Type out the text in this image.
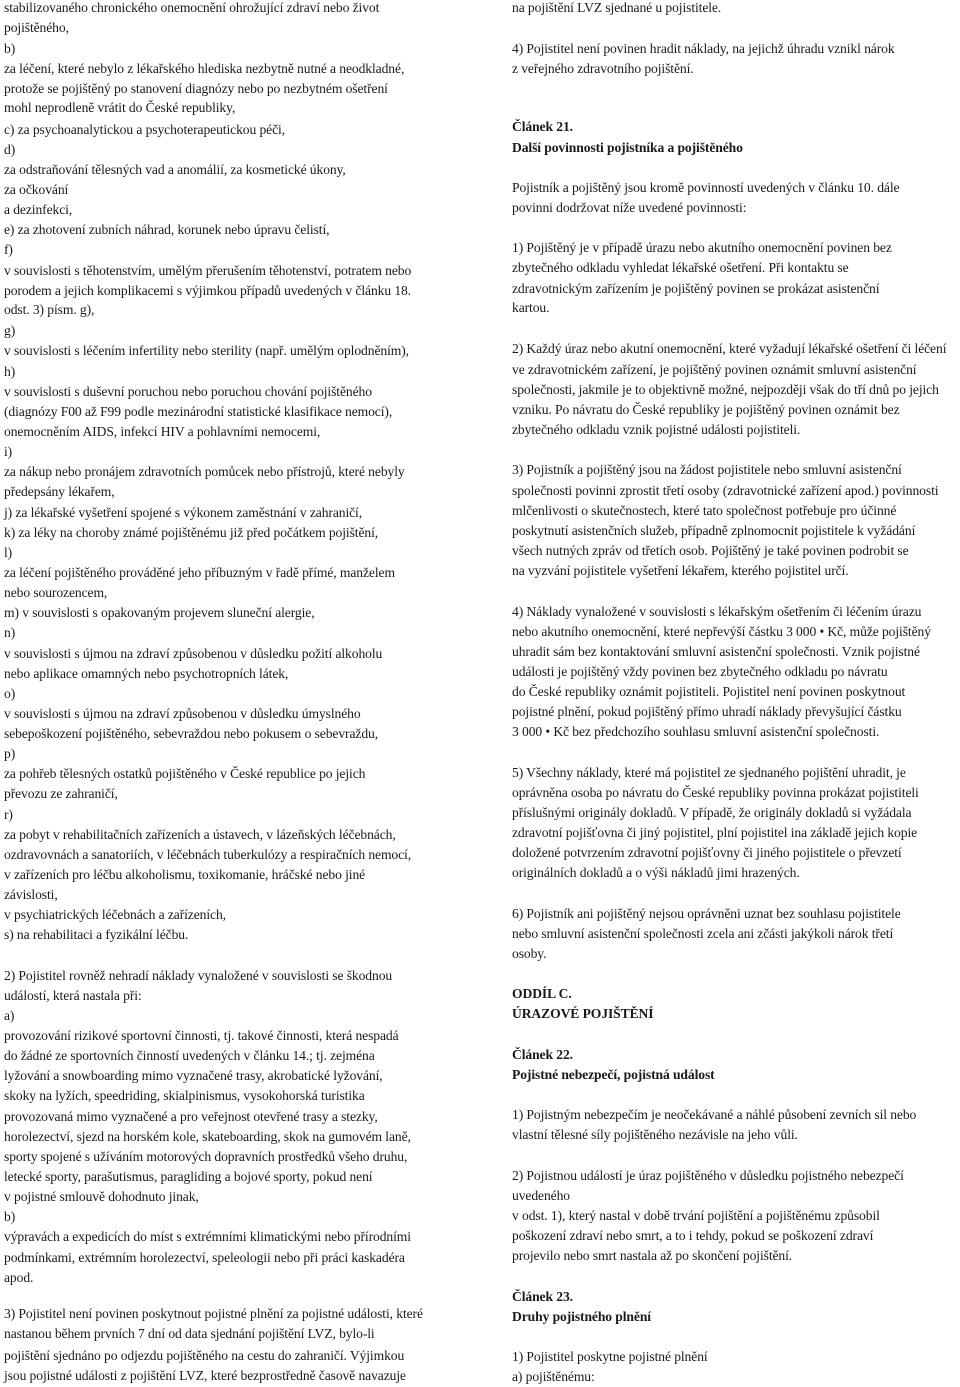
stabilizovaného chronického onemocnění ohrožující zdraví nebo život
pojištěného,
b)
za léčení, které nebylo z lékařského hlediska nezbytně nutné a neodkladné,
protože se pojištěný po stanovení diagnózy nebo po nezbytném ošetření
mohl neprodleně vrátit do České republiky,
c) za psychoanalytickou a psychoterapeutickou péči,
d)
za odstraňování tělesných vad a anomálií, za kosmetické úkony,
za očkování
a dezinfekci,
e) za zhotovení zubních náhrad, korunek nebo úpravu čelistí,
f)
v souvislosti s těhotenstvím, umělým přerušením těhotenství, potratem nebo
porodem a jejich komplikacemi s výjimkou případů uvedených v článku 18.
odst. 3) písm. g),
g)
v souvislosti s léčením infertility nebo sterility (např. umělým oplodněním),
h)
v souvislosti s duševní poruchou nebo poruchou chování pojištěného
(diagnózy F00 až F99 podle mezinárodní statistické klasifikace nemocí),
onemocněním AIDS, infekcí HIV a pohlavními nemocemi,
i)
za nákup nebo pronájem zdravotních pomůcek nebo přístrojů, které nebyly
předepsány lékařem,
j) za lékařské vyšetření spojené s výkonem zaměstnání v zahraničí,
k) za léky na choroby známé pojištěnému již před počátkem pojištění,
l)
za léčení pojištěného prováděné jeho příbuzným v řadě přímé, manželem
nebo sourozencem,
m) v souvislosti s opakovaným projevem sluneční alergie,
n)
v souvislosti s újmou na zdraví způsobenou v důsledku požití alkoholu
nebo aplikace omamných nebo psychotropních látek,
o)
v souvislosti s újmou na zdraví způsobenou v důsledku úmyslného
sebepoškození pojištěného, sebevraždou nebo pokusem o sebevraždu,
p)
za pohřeb tělesných ostatků pojištěného v České republice po jejich
převozu ze zahraničí,
r)
za pobyt v rehabilitačních zařízeních a ústavech, v lázeňských léčebnách,
ozdravovnách a sanatoriích, v léčebnách tuberkulózy a respiračních nemocí,
v zařízeních pro léčbu alkoholismu, toxikomanie, hráčské nebo jiné
závislosti,
v psychiatrických léčebnách a zařízeních,
s) na rehabilitaci a fyzikální léčbu.
2) Pojistitel rovněž nehradí náklady vynaložené v souvislosti se škodnou
událostí, která nastala při:
a)
provozování rizikové sportovní činnosti, tj. takové činnosti, která nespadá
do žádné ze sportovních činností uvedených v článku 14.; tj. zejména
lyžování a snowboarding mimo vyznačené trasy, akrobatické lyžování,
skoky na lyžích, speedriding, skialpinismus, vysokohorská turistika
provozovaná mimo vyznačené a pro veřejnost otevřené trasy a stezky,
horolezectví, sjezd na horském kole, skateboarding, skok na gumovém laně,
sporty spojené s užíváním motorových dopravních prostředků všeho druhu,
letecké sporty, parašutismus, paragliding a bojové sporty, pokud není
v pojistné smlouvě dohodnuto jinak,
b)
výpravách a expedicích do míst s extrémními klimatickými nebo přírodními
podmínkami, extrémním horolezectví, speleologii nebo při práci kaskadéra
apod.
3) Pojistitel není povinen poskytnout pojistné plnění za pojistné události, které
nastanou během prvních 7 dní od data sjednání pojištění LVZ, bylo-li
pojištění sjednáno po odjezdu pojištěného na cestu do zahraničí. Výjimkou
jsou pojistné události z pojištění LVZ, které bezprostředně časově navazuje
na pojištění LVZ sjednané u pojistitele.
4) Pojistitel není povinen hradit náklady, na jejichž úhradu vznikl nárok
z veřejného zdravotního pojištění.
Článek 21.
Další povinnosti pojistníka a pojištěného
Pojistník a pojištěný jsou kromě povinností uvedených v článku 10. dále
povinni dodržovat níže uvedené povinnosti:
1) Pojištěný je v případě úrazu nebo akutního onemocnění povinen bez
zbytečného odkladu vyhledat lékařské ošetření. Při kontaktu se
zdravotnickým zařízením je pojištěný povinen se prokázat asistenční
kartou.
2) Každý úraz nebo akutní onemocnění, které vyžadují lékařské ošetření či léčení
ve zdravotnickém zařízení, je pojištěný povinen oznámit smluvní asistenční
společnosti, jakmile je to objektivně možné, nejpozději však do tří dnů po jejich
vzniku. Po návratu do České republiky je pojištěný povinen oznámit bez
zbytečného odkladu vznik pojistné události pojistiteli.
3) Pojistník a pojištěný jsou na žádost pojistitele nebo smluvní asistenční
společnosti povinni zprostit třetí osoby (zdravotnické zařízení apod.) povinnosti
mlčenlivosti o skutečnostech, které tato společnost potřebuje pro účinné
poskytnutí asistenčních služeb, případně zplnomocnit pojistitele k vyžádání
všech nutných zpráv od třetích osob. Pojištěný je také povinen podrobit se
na vyzvání pojistitele vyšetření lékařem, kterého pojistitel určí.
4) Náklady vynaložené v souvislosti s lékařským ošetřením či léčením úrazu
nebo akutního onemocnění, které nepřevýší částku 3 000 • Kč, může pojištěný
uhradit sám bez kontaktování smluvní asistenční společnosti. Vznik pojistné
události je pojištěný vždy povinen bez zbytečného odkladu po návratu
do České republiky oznámit pojistiteli. Pojistitel není povinen poskytnout
pojistné plnění, pokud pojištěný přímo uhradí náklady převyšující částku
3 000 • Kč bez předchozího souhlasu smluvní asistenční společnosti.
5) Všechny náklady, které má pojistitel ze sjednaného pojištění uhradit, je
oprávněna osoba po návratu do České republiky povinna prokázat pojistiteli
příslušnými originály dokladů. V případě, že originály dokladů si vyžádala
zdravotní pojišťovna či jiný pojistitel, plní pojistitel ina základě jejich kopie
doložené potvrzením zdravotní pojišťovny či jiného pojistitele o převzetí
originálních dokladů a o výši nákladů jimi hrazených.
6) Pojistník ani pojištěný nejsou oprávněni uznat bez souhlasu pojistitele
nebo smluvní asistenční společnosti zcela ani zčásti jakýkoli nárok třetí
osoby.
ODDÍL C.
ÚRAZOVÉ POJIŠTĚNÍ
Článek 22.
Pojistné nebezpečí, pojistná událost
1) Pojistným nebezpečím je neočekávané a náhlé působení zevních sil nebo
vlastní tělesné síly pojištěného nezávisle na jeho vůli.
2) Pojistnou událostí je úraz pojištěného v důsledku pojistného nebezpečí
uvedeného
v odst. 1), který nastal v době trvání pojištění a pojištěnému způsobil
poškození zdraví nebo smrt, a to i tehdy, pokud se poškození zdraví
projevilo nebo smrt nastala až po skončení pojištění.
Článek 23.
Druhy pojistného plnění
1) Pojistitel poskytne pojistné plnění
a) pojištěnému:
